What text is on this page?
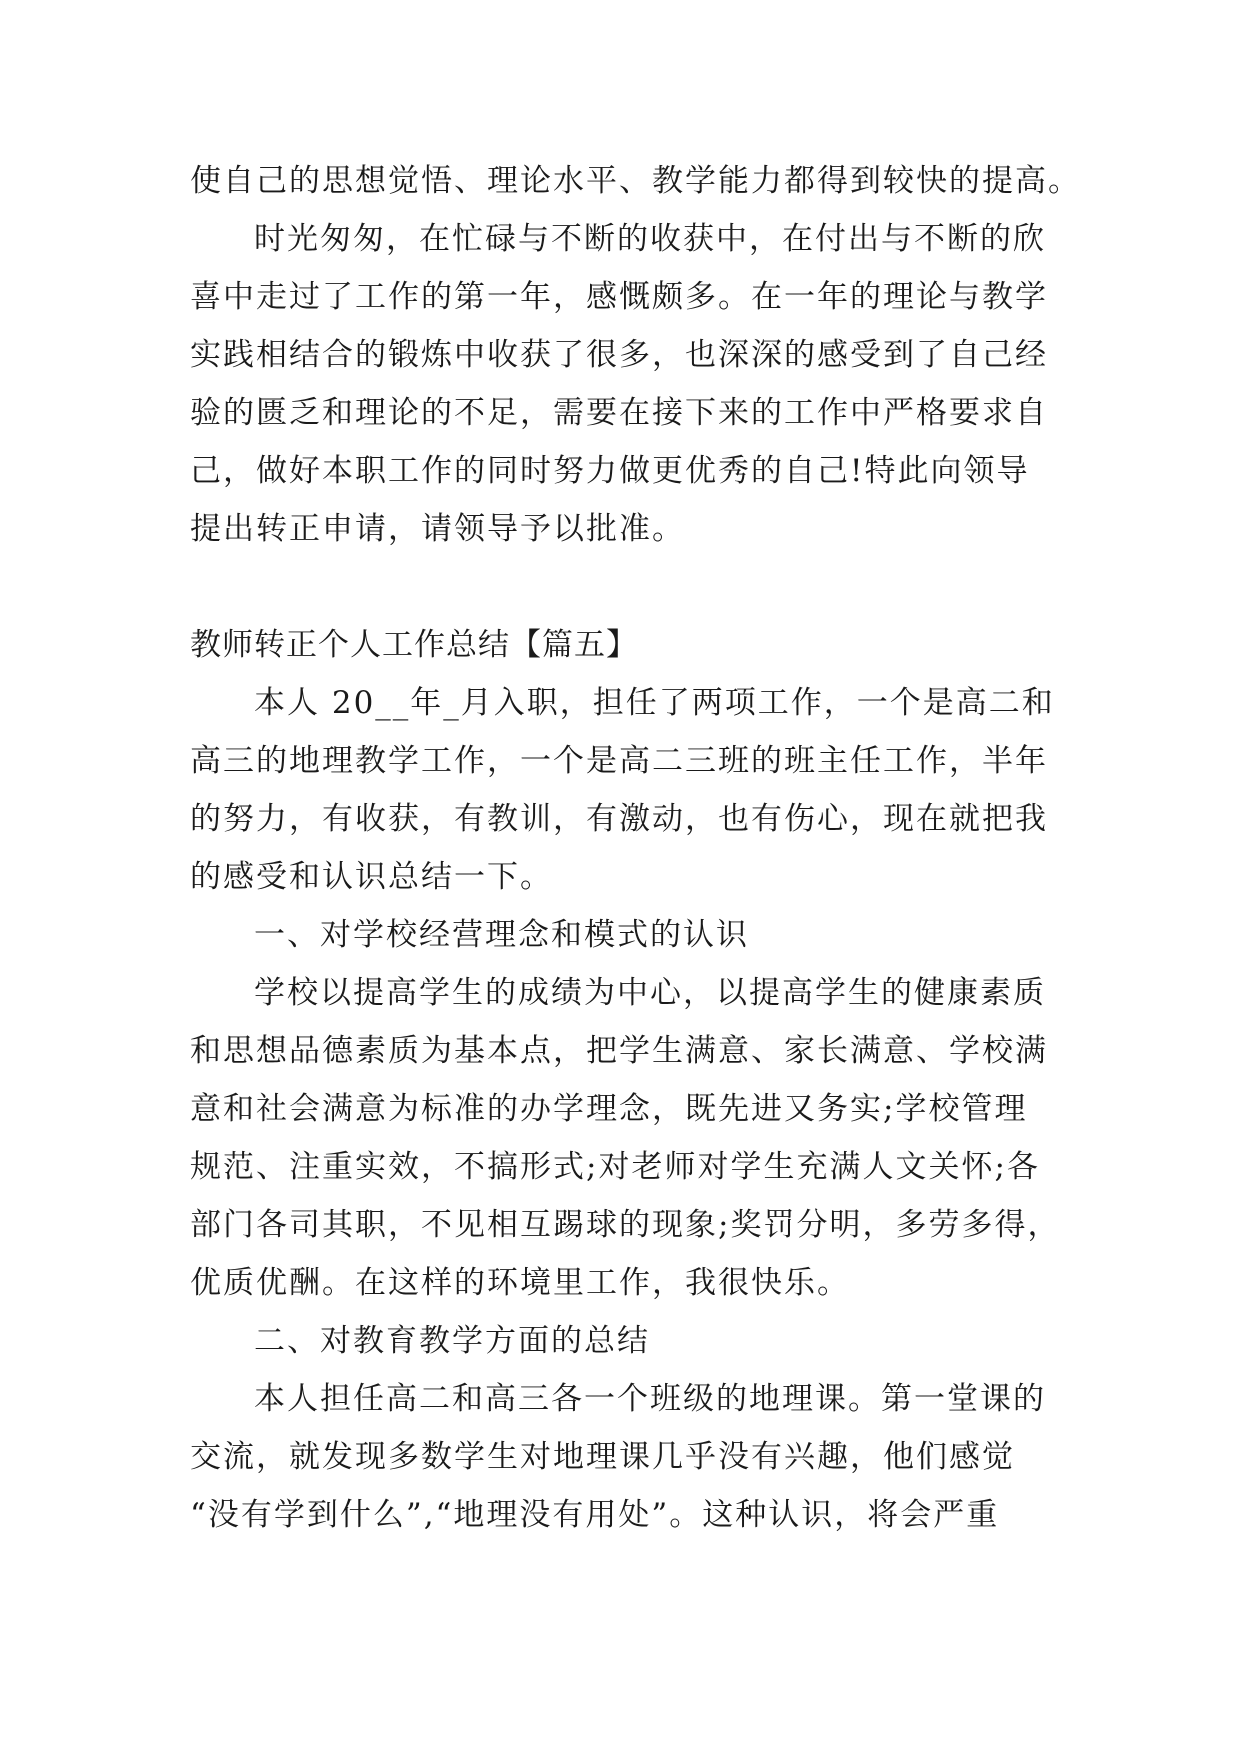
使自己的思想觉悟、理论水平、教学能力都得到较快的提高。
时光匆匆，在忙碌与不断的收获中，在付出与不断的欣
喜中走过了工作的第一年，感慨颇多。在一年的理论与教学
实践相结合的锻炼中收获了很多，也深深的感受到了自己经
验的匮乏和理论的不足，需要在接下来的工作中严格要求自
己，做好本职工作的同时努力做更优秀的自己!特此向领导
提出转正申请，请领导予以批准。
教师转正个人工作总结【篇五】
本人 20__年_月入职，担任了两项工作，一个是高二和
高三的地理教学工作，一个是高二三班的班主任工作，半年
的努力，有收获，有教训，有激动，也有伤心，现在就把我
的感受和认识总结一下。
一、对学校经营理念和模式的认识
学校以提高学生的成绩为中心，以提高学生的健康素质
和思想品德素质为基本点，把学生满意、家长满意、学校满
意和社会满意为标准的办学理念，既先进又务实;学校管理
规范、注重实效，不搞形式;对老师对学生充满人文关怀;各
部门各司其职，不见相互踢球的现象;奖罚分明，多劳多得，
优质优酬。在这样的环境里工作，我很快乐。
二、对教育教学方面的总结
本人担任高二和高三各一个班级的地理课。第一堂课的
交流，就发现多数学生对地理课几乎没有兴趣，他们感觉
“没有学到什么”,“地理没有用处”。这种认识，将会严重
